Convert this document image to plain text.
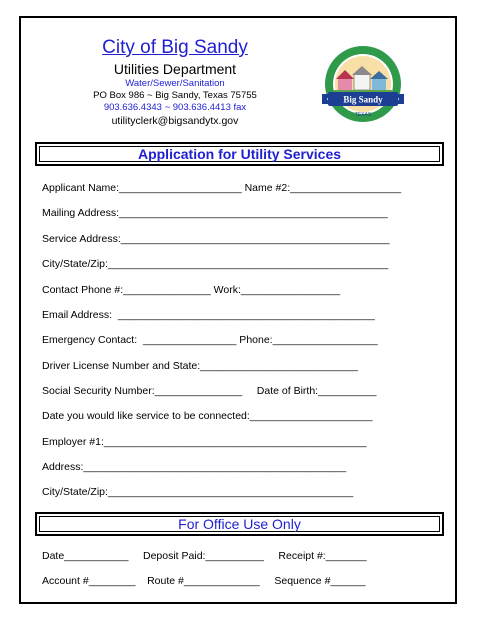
City of Big Sandy
Utilities Department
Water/Sewer/Sanitation
PO Box 986 ~ Big Sandy, Texas 75755
903.636.4343 ~ 903.636.4413 fax
utilityclerk@bigsandytx.gov
Big Sandy
TEXAS
Application for Utility Services
Applicant Name:_____________________ Name #2:___________________
Mailing Address:______________________________________________
Service Address:______________________________________________
City/State/Zip:________________________________________________
Contact Phone #:_______________ Work:_________________
Email Address:  ____________________________________________
Emergency Contact:  ________________ Phone:__________________
Driver License Number and State:___________________________
Social Security Number:_______________     Date of Birth:__________
Date you would like service to be connected:_____________________
Employer #1:_____________________________________________
Address:_____________________________________________
City/State/Zip:__________________________________________
For Office Use Only
Date___________     Deposit Paid:__________     Receipt #:_______
Account #________    Route #_____________     Sequence #______
